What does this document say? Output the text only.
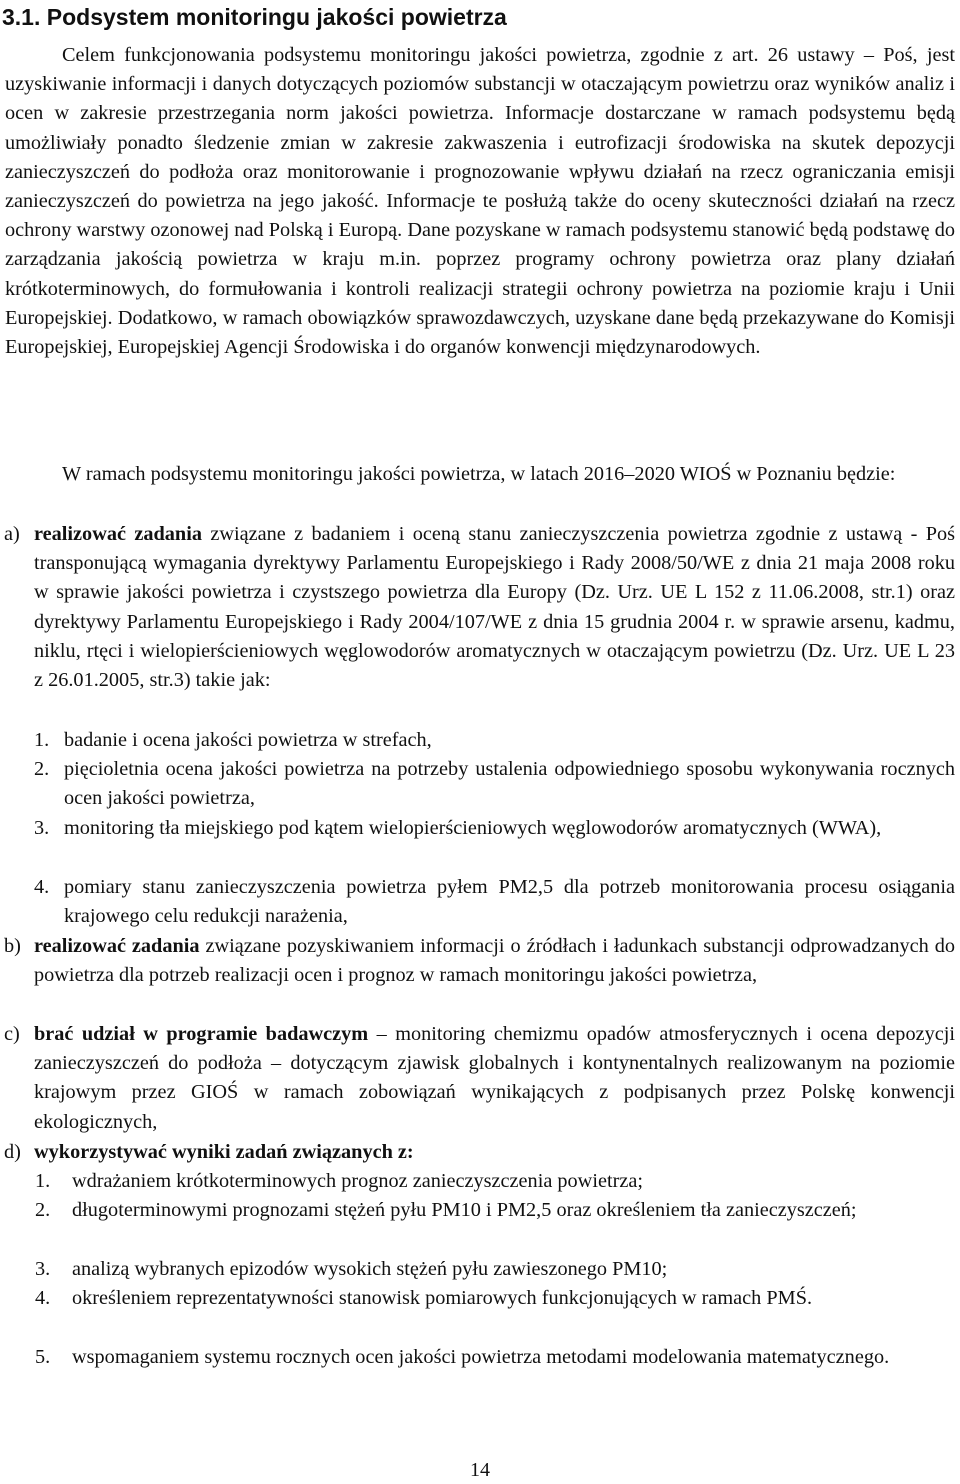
3.1. Podsystem monitoringu jakości powietrza

Celem funkcjonowania podsystemu monitoringu jakości powietrza, zgodnie z art. 26 ustawy – Poś, jest uzyskiwanie informacji i danych dotyczących poziomów substancji w otaczającym powietrzu oraz wyników analiz i ocen w zakresie przestrzegania norm jakości powietrza. Informacje dostarczane w ramach podsystemu będą umożliwiały ponadto śledzenie zmian w zakresie zakwaszenia i eutrofizacji środowiska na skutek depozycji zanieczyszczeń do podłoża oraz monitorowanie i prognozowanie wpływu działań na rzecz ograniczania emisji zanieczyszczeń do powietrza na jego jakość. Informacje te posłużą także do oceny skuteczności działań na rzecz ochrony warstwy ozonowej nad Polską i Europą. Dane pozyskane w ramach podsystemu stanowić będą podstawę do zarządzania jakością powietrza w kraju m.in. poprzez programy ochrony powietrza oraz plany działań krótkoterminowych, do formułowania i kontroli realizacji strategii ochrony powietrza na poziomie kraju i Unii Europejskiej. Dodatkowo, w ramach obowiązków sprawozdawczych, uzyskane dane będą przekazywane do Komisji Europejskiej, Europejskiej Agencji Środowiska i do organów konwencji międzynarodowych.

W ramach podsystemu monitoringu jakości powietrza, w latach 2016–2020 WIOŚ w Poznaniu będzie:

a) realizować zadania związane z badaniem i oceną stanu zanieczyszczenia powietrza zgodnie z ustawą - Poś transponującą wymagania dyrektywy Parlamentu Europejskiego i Rady 2008/50/WE z dnia 21 maja 2008 roku w sprawie jakości powietrza i czystszego powietrza dla Europy (Dz. Urz. UE L 152 z 11.06.2008, str.1) oraz dyrektywy Parlamentu Europejskiego i Rady 2004/107/WE z dnia 15 grudnia 2004 r. w sprawie arsenu, kadmu, niklu, rtęci i wielopierścieniowych węglowodorów aromatycznych w otaczającym powietrzu (Dz. Urz. UE L 23 z 26.01.2005, str.3) takie jak:
1. badanie i ocena jakości powietrza w strefach,
2. pięcioletnia ocena jakości powietrza na potrzeby ustalenia odpowiedniego sposobu wykonywania rocznych ocen jakości powietrza,
3. monitoring tła miejskiego pod kątem wielopierścieniowych węglowodorów aromatycznych (WWA),
4. pomiary stanu zanieczyszczenia powietrza pyłem PM2,5 dla potrzeb monitorowania procesu osiągania krajowego celu redukcji narażenia,
b) realizować zadania związane pozyskiwaniem informacji o źródłach i ładunkach substancji odprowadzanych do powietrza dla potrzeb realizacji ocen i prognoz w ramach monitoringu jakości powietrza,
c) brać udział w programie badawczym – monitoring chemizmu opadów atmosferycznych i ocena depozycji zanieczyszczeń do podłoża – dotyczącym zjawisk globalnych i kontynentalnych realizowanym na poziomie krajowym przez GIOŚ w ramach zobowiązań wynikających z podpisanych przez Polskę konwencji ekologicznych,
d) wykorzystywać wyniki zadań związanych z:
1. wdrażaniem krótkoterminowych prognoz zanieczyszczenia powietrza;
2. długoterminowymi prognozami stężeń pyłu PM10 i PM2,5 oraz określeniem tła zanieczyszczeń;
3. analizą wybranych epizodów wysokich stężeń pyłu zawieszonego PM10;
4. określeniem reprezentatywności stanowisk pomiarowych funkcjonujących w ramach PMŚ.
5. wspomaganiem systemu rocznych ocen jakości powietrza metodami modelowania matematycznego.
14
